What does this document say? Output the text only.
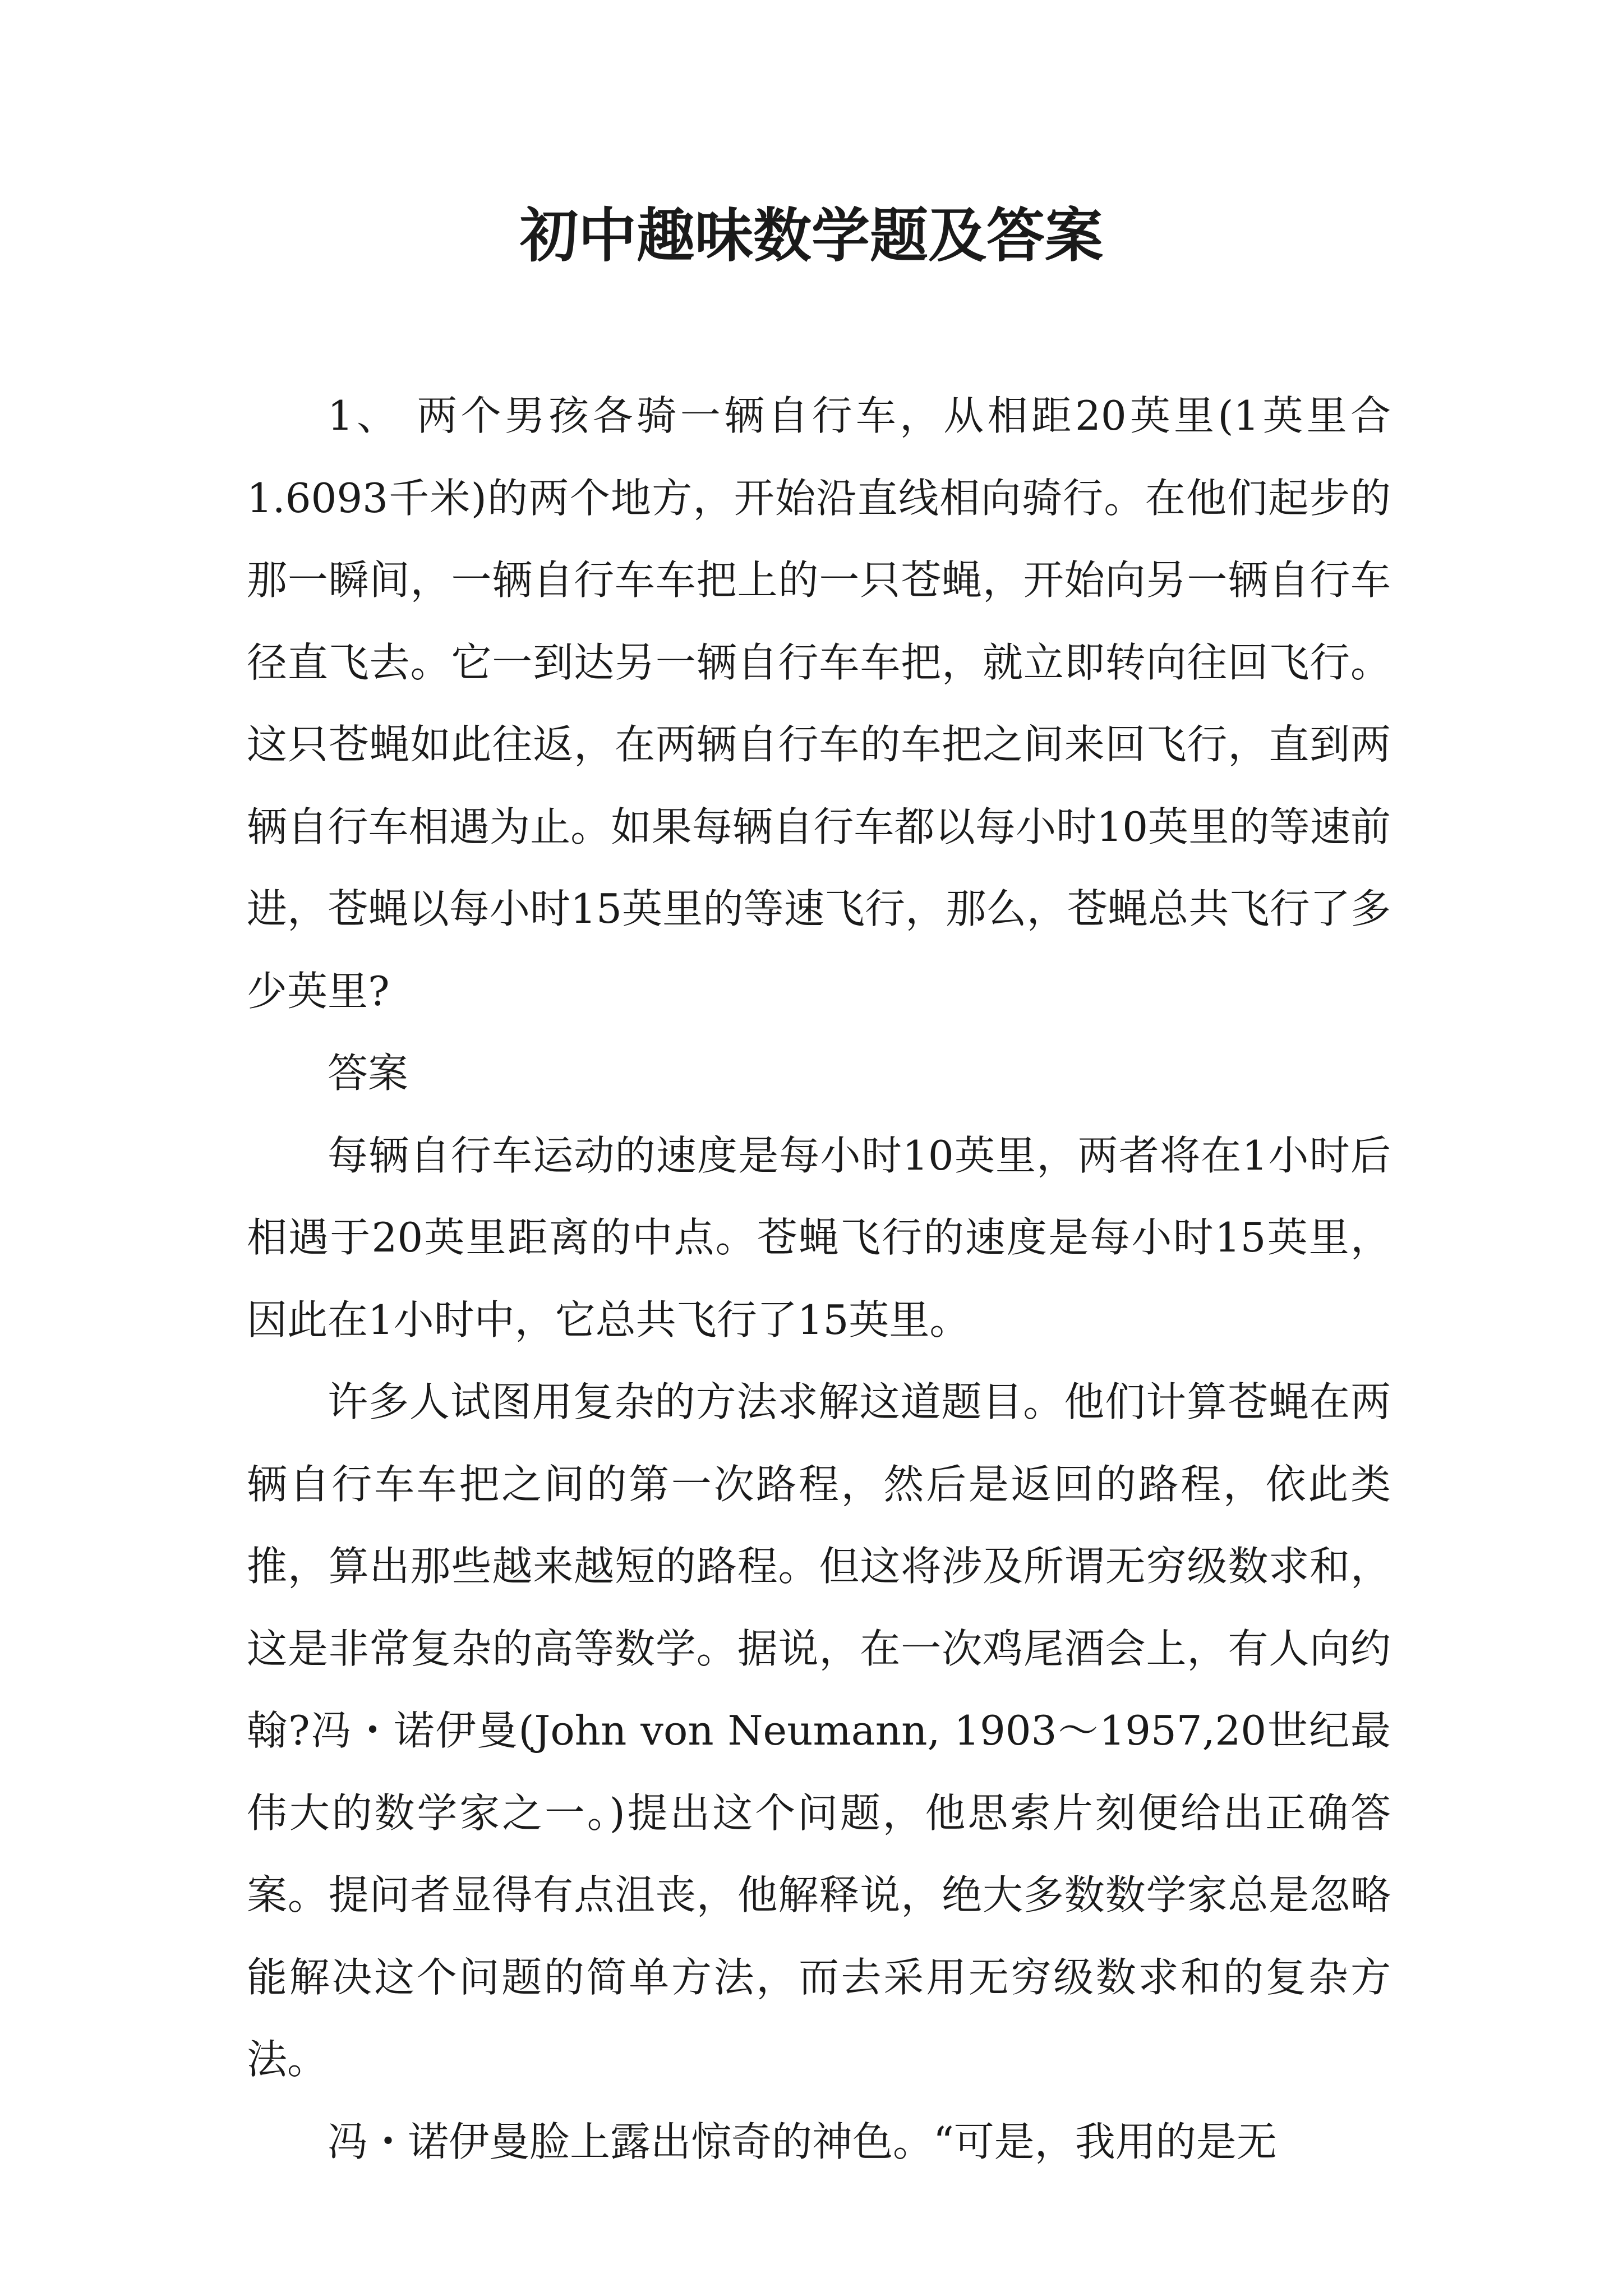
初中趣味数学题及答案

1、 两个男孩各骑一辆自行车，从相距20英里(1英里合1.6093千米)的两个地方，开始沿直线相向骑行。在他们起步的那一瞬间，一辆自行车车把上的一只苍蝇，开始向另一辆自行车径直飞去。它一到达另一辆自行车车把，就立即转向往回飞行。这只苍蝇如此往返，在两辆自行车的车把之间来回飞行，直到两辆自行车相遇为止。如果每辆自行车都以每小时10英里的等速前进，苍蝇以每小时15英里的等速飞行，那么，苍蝇总共飞行了多少英里?

答案

每辆自行车运动的速度是每小时10英里，两者将在1小时后相遇于20英里距离的中点。苍蝇飞行的速度是每小时15英里，因此在1小时中，它总共飞行了15英里。

许多人试图用复杂的方法求解这道题目。他们计算苍蝇在两辆自行车车把之间的第一次路程，然后是返回的路程，依此类推，算出那些越来越短的路程。但这将涉及所谓无穷级数求和，这是非常复杂的高等数学。据说，在一次鸡尾酒会上，有人向约翰?冯・诺伊曼(John von Neumann, 1903～1957,20世纪最伟大的数学家之一。)提出这个问题，他思索片刻便给出正确答案。提问者显得有点沮丧，他解释说，绝大多数数学家总是忽略能解决这个问题的简单方法，而去采用无穷级数求和的复杂方法。

冯・诺伊曼脸上露出惊奇的神色。“可是，我用的是无
